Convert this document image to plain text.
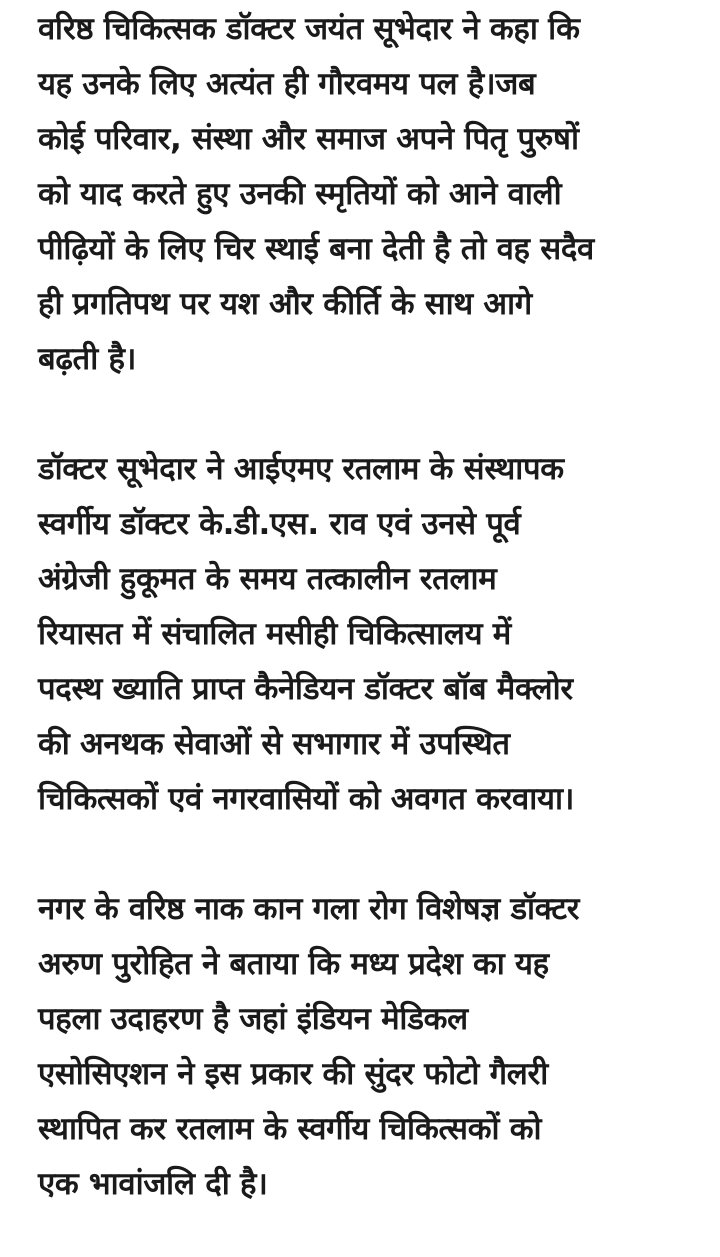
वरिष्ठ चिकित्सक डॉक्टर जयंत सूभेदार ने कहा कि
यह उनके लिए अत्यंत ही गौरवमय पल है।जब
कोई परिवार, संस्था और समाज अपने पितृ पुरुषों
को याद करते हुए उनकी स्मृतियों को आने वाली
पीढ़ियों के लिए चिर स्थाई बना देती है तो वह सदैव
ही प्रगतिपथ पर यश और कीर्ति के साथ आगे
बढ़ती है।
डॉक्टर सूभेदार ने आईएमए रतलाम के संस्थापक
स्वर्गीय डॉक्टर के.डी.एस. राव एवं उनसे पूर्व
अंग्रेजी हुकूमत के समय तत्कालीन रतलाम
रियासत में संचालित मसीही चिकित्सालय में
पदस्थ ख्याति प्राप्त कैनेडियन डॉक्टर बॉब मैक्लोर
की अनथक सेवाओं से सभागार में उपस्थित
चिकित्सकों एवं नगरवासियों को अवगत करवाया।
नगर के वरिष्ठ नाक कान गला रोग विशेषज्ञ डॉक्टर
अरुण पुरोहित ने बताया कि मध्य प्रदेश का यह
पहला उदाहरण है जहां इंडियन मेडिकल
एसोसिएशन ने इस प्रकार की सुंदर फोटो गैलरी
स्थापित कर रतलाम के स्वर्गीय चिकित्सकों को
एक भावांजलि दी है।
